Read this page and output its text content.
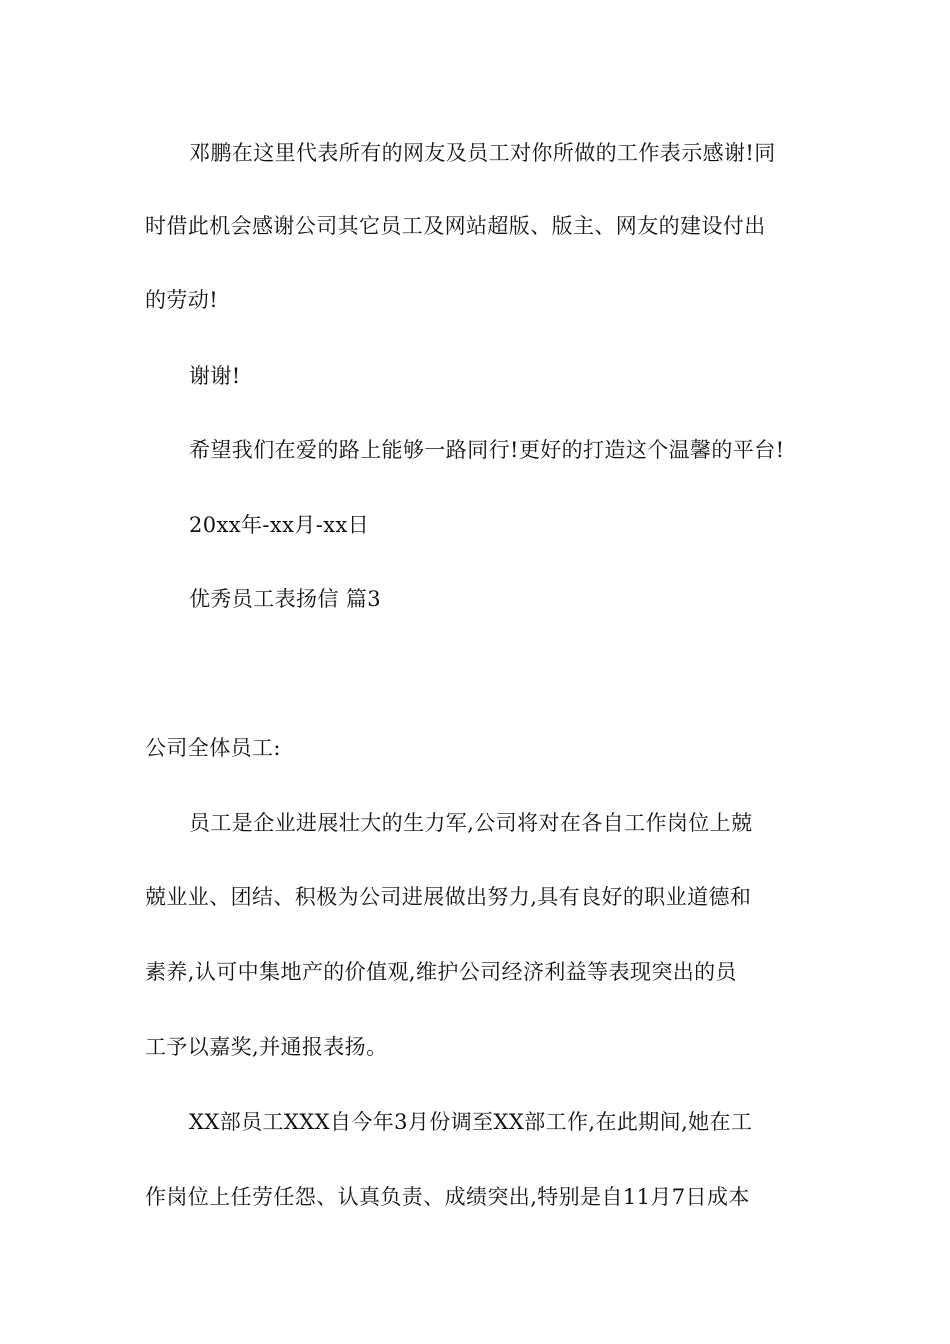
邓鹏在这里代表所有的网友及员工对你所做的工作表示感谢!同
时借此机会感谢公司其它员工及网站超版、版主、网友的建设付出
的劳动!
谢谢!
希望我们在爱的路上能够一路同行!更好的打造这个温馨的平台!
20xx年-xx月-xx日
优秀员工表扬信 篇3
公司全体员工:
员工是企业进展壮大的生力军,公司将对在各自工作岗位上兢
兢业业、团结、积极为公司进展做出努力,具有良好的职业道德和
素养,认可中集地产的价值观,维护公司经济利益等表现突出的员
工予以嘉奖,并通报表扬。
XX部员工XXX自今年3月份调至XX部工作,在此期间,她在工
作岗位上任劳任怨、认真负责、成绩突出,特别是自11月7日成本
